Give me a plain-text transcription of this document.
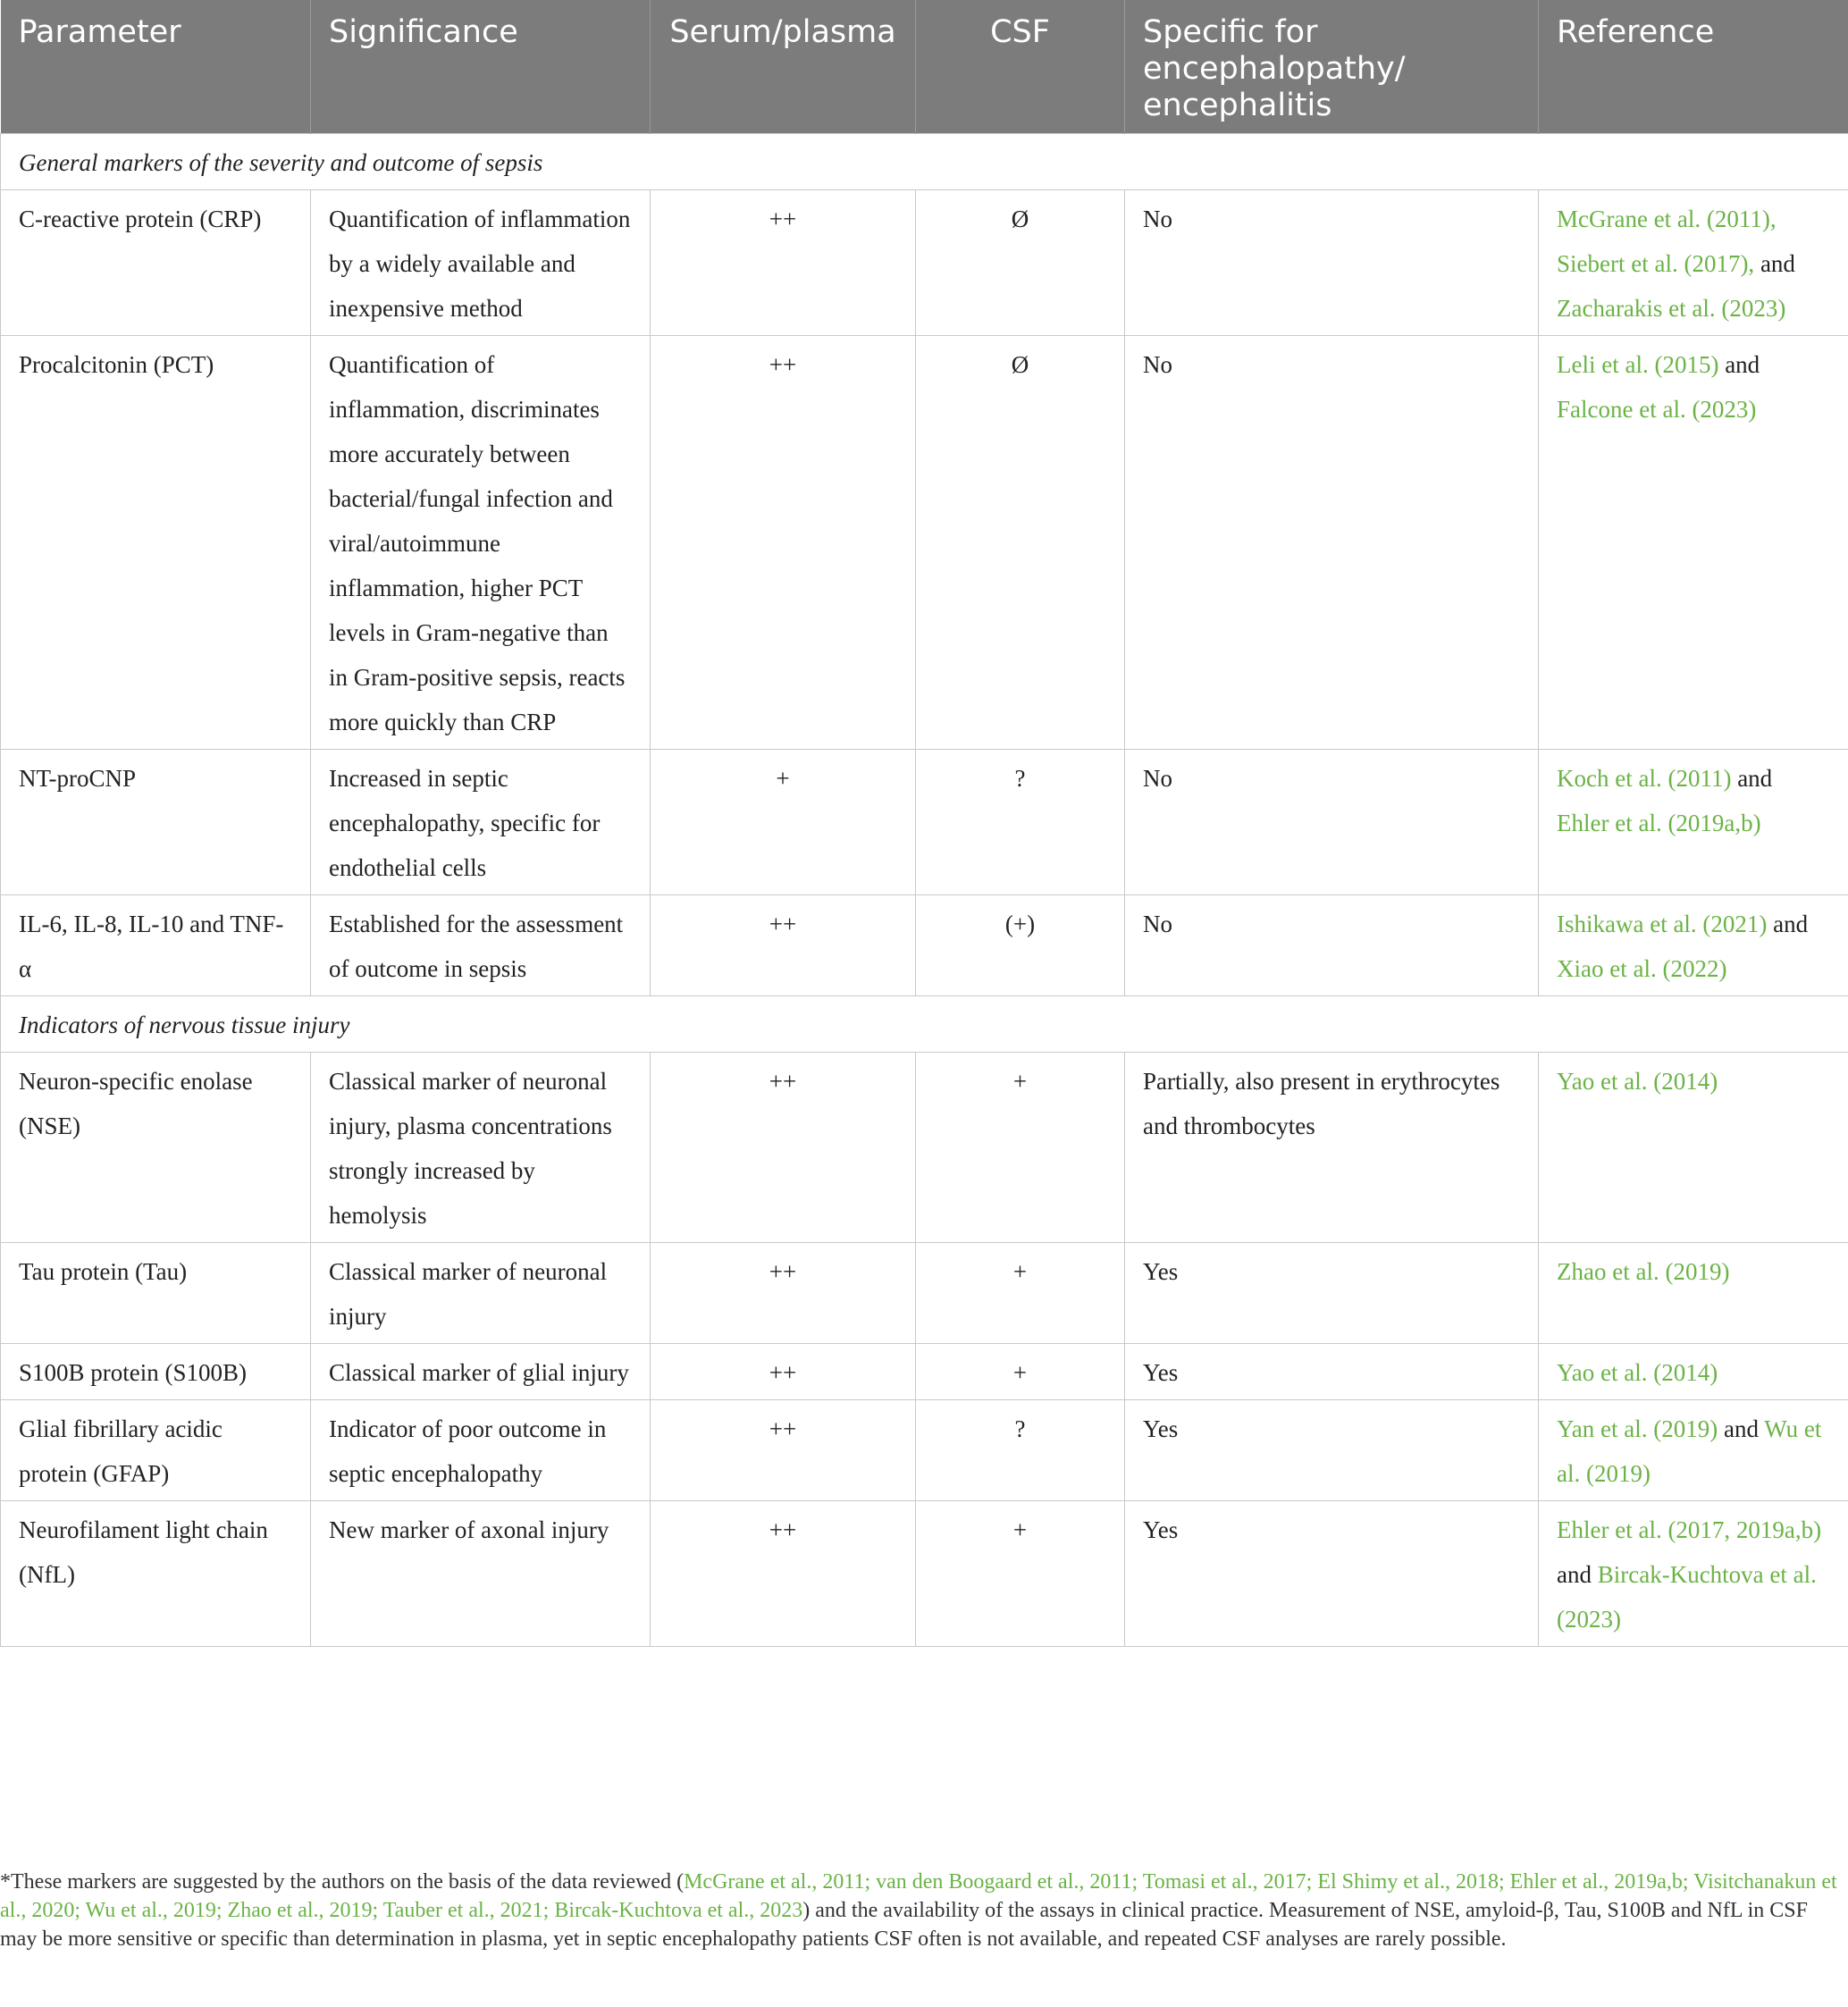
Parameter	Significance	Serum/plasma	CSF	Specific for encephalopathy/ encephalitis	Reference
General markers of the severity and outcome of sepsis					
C-reactive protein (CRP)	Quantification of inflammation by a widely available and inexpensive method	++	Ø	No	McGrane et al. (2011), Siebert et al. (2017), and Zacharakis et al. (2023)
Procalcitonin (PCT)	Quantification of inflammation, discriminates more accurately between bacterial/fungal infection and viral/autoimmune inflammation, higher PCT levels in Gram-negative than in Gram-positive sepsis, reacts more quickly than CRP	++	Ø	No	Leli et al. (2015) and Falcone et al. (2023)
NT-proCNP	Increased in septic encephalopathy, specific for endothelial cells	+	?	No	Koch et al. (2011) and Ehler et al. (2019a,b)
IL-6, IL-8, IL-10 and TNF-α	Established for the assessment of outcome in sepsis	++	(+)	No	Ishikawa et al. (2021) and Xiao et al. (2022)
Indicators of nervous tissue injury					
Neuron-specific enolase (NSE)	Classical marker of neuronal injury, plasma concentrations strongly increased by hemolysis	++	+	Partially, also present in erythrocytes and thrombocytes	Yao et al. (2014)
Tau protein (Tau)	Classical marker of neuronal injury	++	+	Yes	Zhao et al. (2019)
S100B protein (S100B)	Classical marker of glial injury	++	+	Yes	Yao et al. (2014)
Glial fibrillary acidic protein (GFAP)	Indicator of poor outcome in septic encephalopathy	++	?	Yes	Yan et al. (2019) and Wu et al. (2019)
Neurofilament light chain (NfL)	New marker of axonal injury	++	+	Yes	Ehler et al. (2017, 2019a,b) and Bircak-Kuchtova et al. (2023)
*These markers are suggested by the authors on the basis of the data reviewed (McGrane et al., 2011; van den Boogaard et al., 2011; Tomasi et al., 2017; El Shimy et al., 2018; Ehler et al., 2019a,b; Visitchanakun et al., 2020; Wu et al., 2019; Zhao et al., 2019; Tauber et al., 2021; Bircak-Kuchtova et al., 2023) and the availability of the assays in clinical practice. Measurement of NSE, amyloid-β, Tau, S100B and NfL in CSF may be more sensitive or specific than determination in plasma, yet in septic encephalopathy patients CSF often is not available, and repeated CSF analyses are rarely possible.
